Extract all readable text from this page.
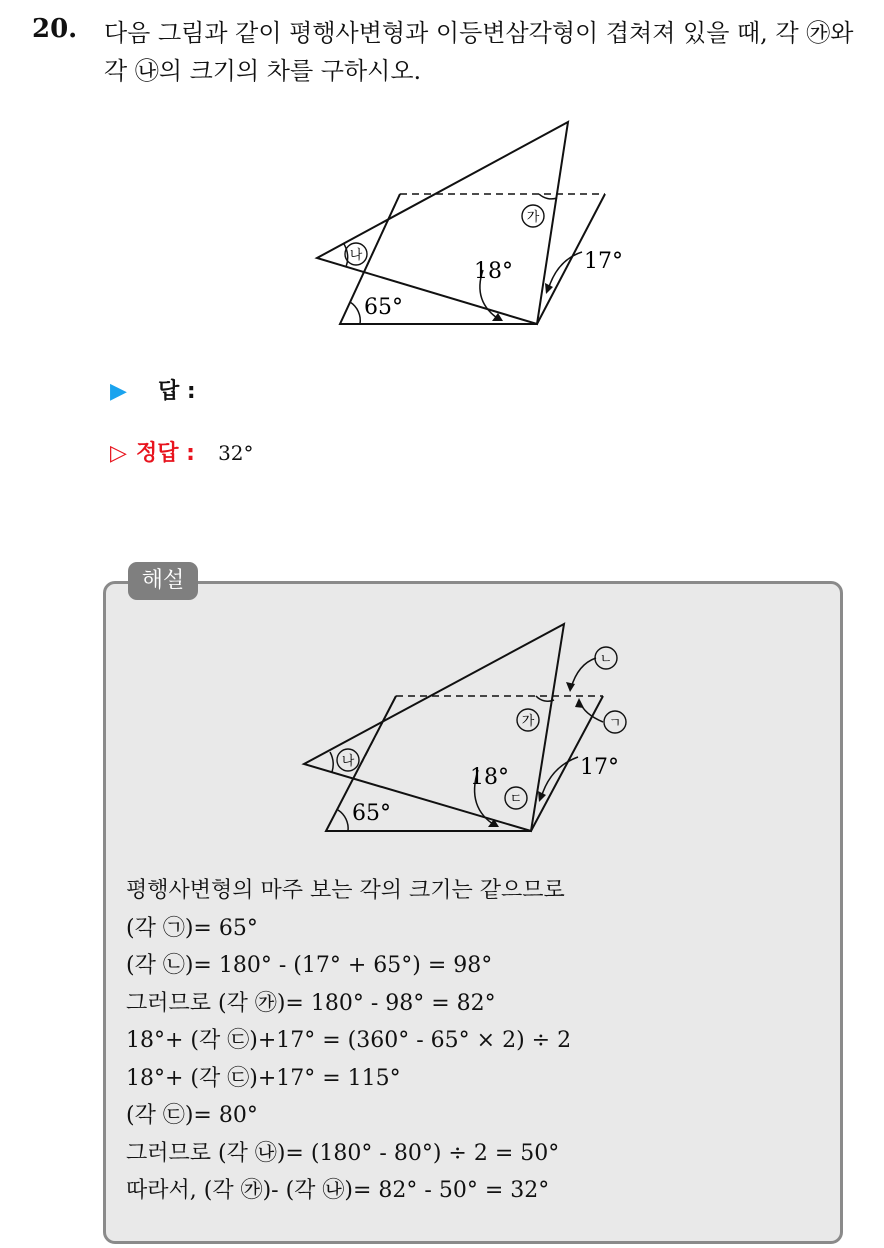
20. 다음 그림과 같이 평행사변형과 이등변삼각형이 겹쳐져 있을 때, 각 ㉮와 각 ㉯의 크기의 차를 구하시오.
가
나
18°	17°
65°
▶ 답 :
▷ 정답 : 32°
해설
가
나
ㄴ
ㄱ
ㄷ
18°	17°
65°
평행사변형의 마주 보는 각의 크기는 같으므로
(각 ㉠)= 65°
(각 ㉡)= 180° - (17° + 65°) = 98°
그러므로 (각 ㉮)= 180° - 98° = 82°
18°+ (각 ㉢)+17° = (360° - 65° × 2) ÷ 2
18°+ (각 ㉢)+17° = 115°
(각 ㉢)= 80°
그러므로 (각 ㉯)= (180° - 80°) ÷ 2 = 50°
따라서, (각 ㉮)- (각 ㉯)= 82° - 50° = 32°
